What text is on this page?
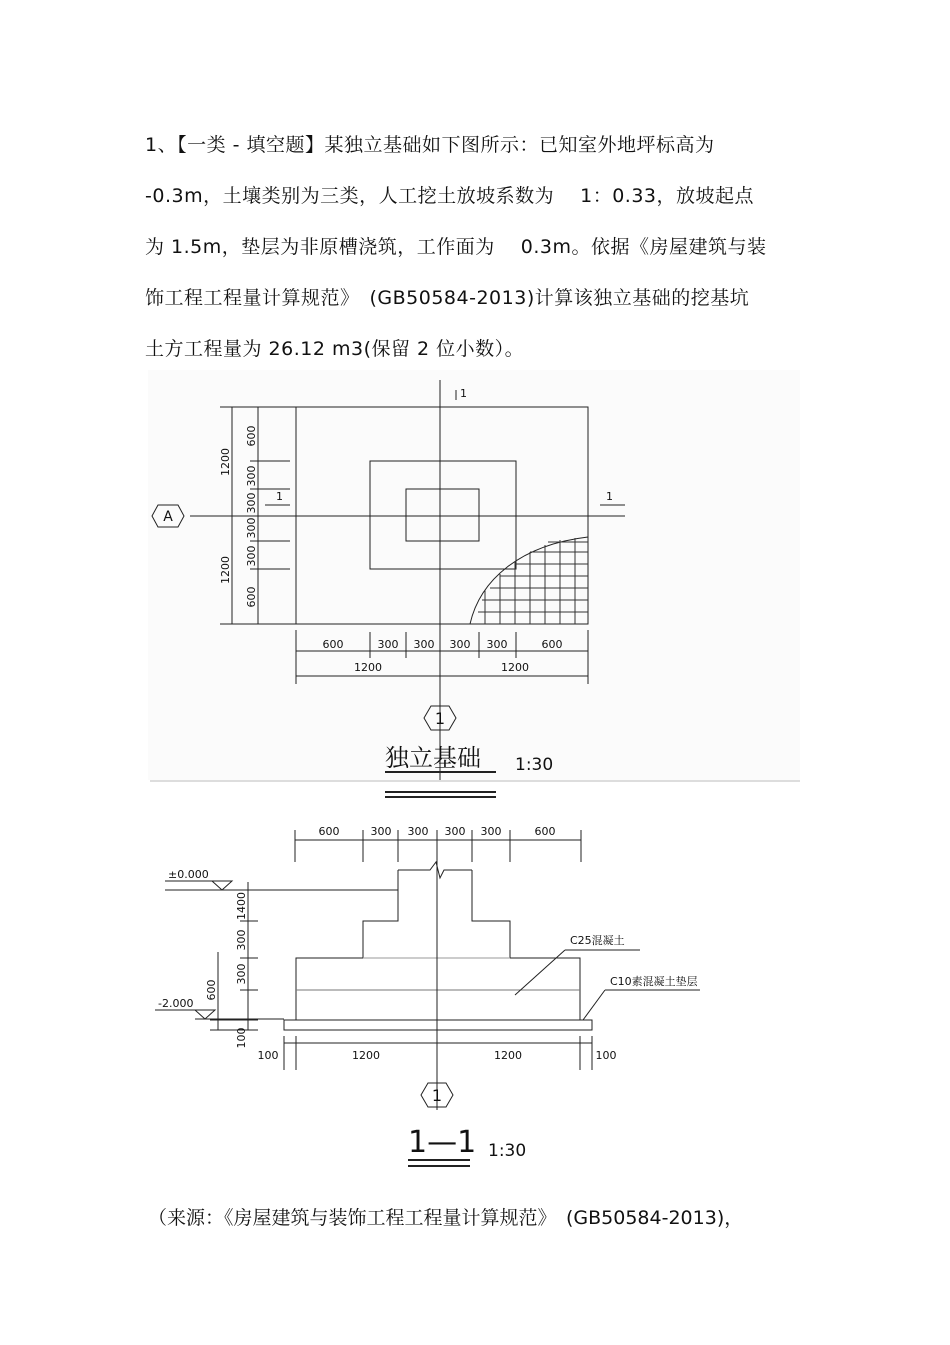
1、【一类 - 填空题】某独立基础如下图所示：已知室外地坪标高为
-0.3m，土壤类别为三类，人工挖土放坡系数为　 1：0.33，放坡起点
为 1.5m，垫层为非原槽浇筑，工作面为　 0.3m。依据《房屋建筑与装
饰工程工程量计算规范》　(GB50584-2013)计算该独立基础的挖基坑
土方工程量为 26.12 m3(保留 2 位小数）。
1
1	1
A
1
600
300
300
300
300
600
1200
1200
600	300 300 300 300	600
1200	1200
独立基础 1:30
600	300 300 300 300	600
±0.000
-2.000
1400
300
300
600
100
C25混凝土
C10素混凝土垫层
100	1200	1200	100
1
1—1 1:30
（来源：《房屋建筑与装饰工程工程量计算规范》　(GB50584-2013)，
